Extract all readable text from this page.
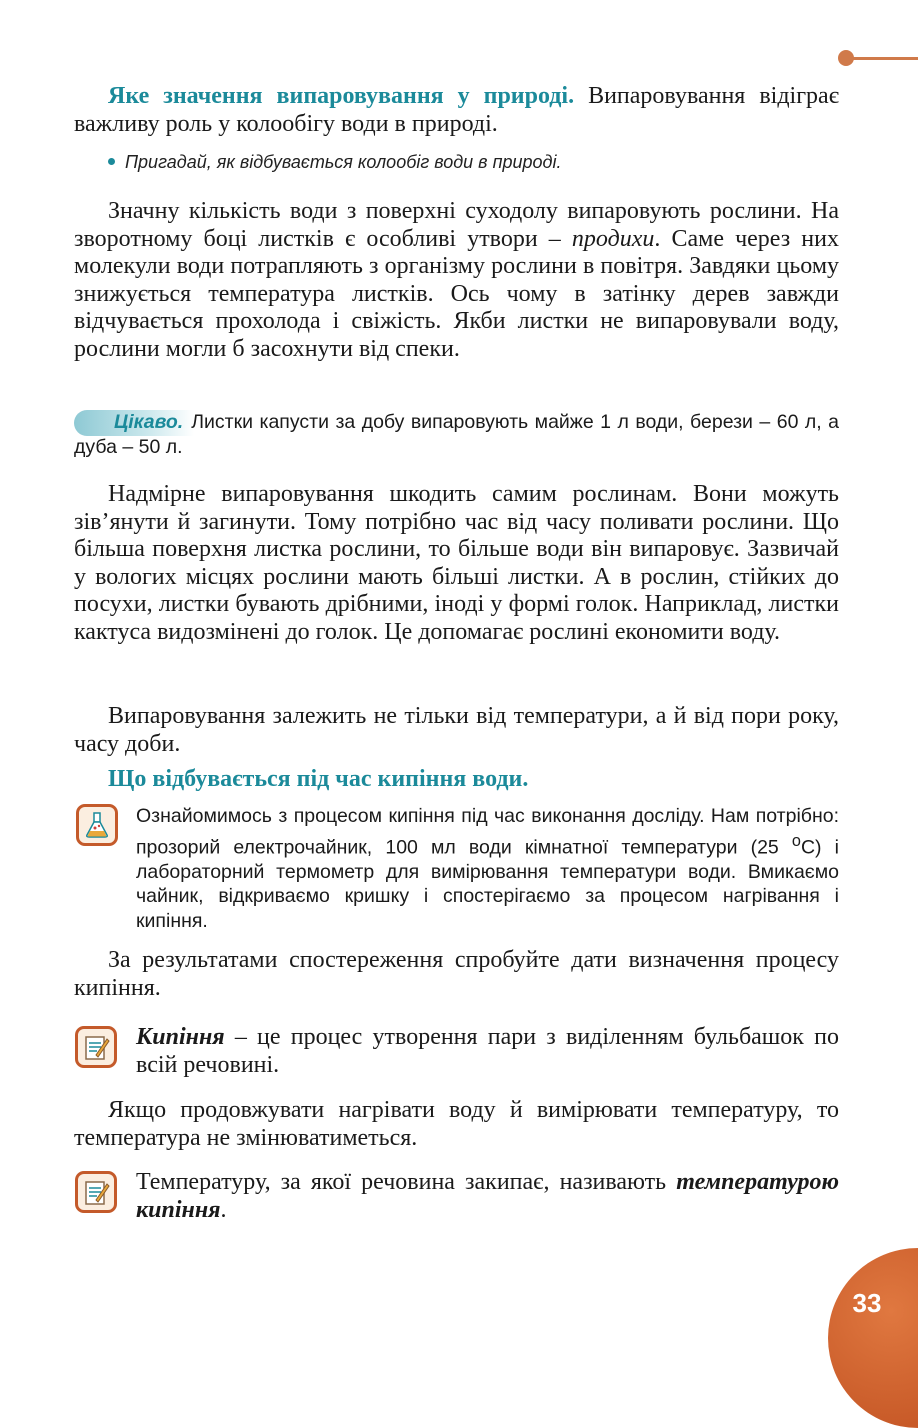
Яке значення випаровування у природі. Випаровування відіграє важливу роль у колообігу води в природі.

Пригадай, як відбувається колообіг води в природі.

Значну кількість води з поверхні суходолу випаровують рослини. На зворотному боці листків є особливі утвори – продихи. Саме через них молекули води потрапляють з організму рослини в повітря. Завдяки цьому знижується температура листків. Ось чому в затінку дерев завжди відчувається прохолода і свіжість. Якби листки не випаровували воду, рослини могли б засохнути від спеки.

Цікаво. Листки капусти за добу випаровують майже 1 л води, берези – 60 л, а дуба – 50 л.

Надмірне випаровування шкодить самим рослинам. Вони можуть зів’янути й загинути. Тому потрібно час від часу поливати рослини. Що більша поверхня листка рослини, то більше води він випаровує. Зазвичай у вологих місцях рослини мають більші листки. А в рослин, стійких до посухи, листки бувають дрібними, іноді у формі голок. Наприклад, листки кактуса видозмінені до голок. Це допомагає рослині економити воду.

Випаровування залежить не тільки від температури, а й від пори року, часу доби.

Що відбувається під час кипіння води.

Ознайомимось з процесом кипіння під час виконання досліду. Нам потрібно: прозорий електрочайник, 100 мл води кімнатної температури (25 $^o$C) і лабораторний термометр для вимірювання температури води. Вмикаємо чайник, відкриваємо кришку і спостерігаємо за процесом нагрівання і кипіння.

За результатами спостереження спробуйте дати визначення процесу кипіння.

Кипіння – це процес утворення пари з виділенням бульбашок по всій речовині.

Якщо продовжувати нагрівати воду й вимірювати температуру, то температура не змінюватиметься.

Температуру, за якої речовина закипає, називають температурою кипіння.

33
